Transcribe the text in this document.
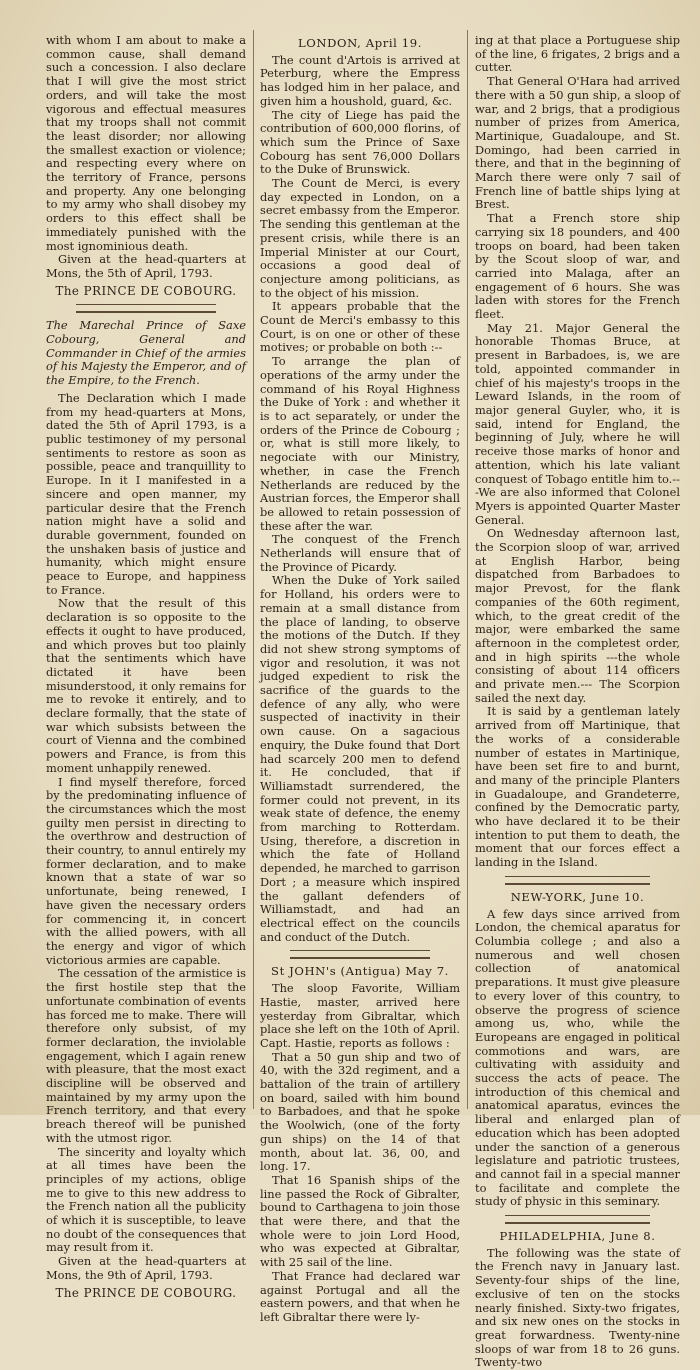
with whom I am about to make a common cause, shall demand such a concession. I also declare that I will give the most strict orders, and will take the most vigorous and effectual measures that my troops shall not commit the least disorder; nor allowing the smallest exaction or violence; and respecting every where on the territory of France, persons and property. Any one belonging to my army who shall disobey my orders to this effect shall be immediately punished with the most ignominious death.

Given at the head-quarters at Mons, the 5th of April, 1793.

The PRINCE DE COBOURG.

The Marechal Prince of Saxe Cobourg, General and Commander in Chief of the armies of his Majesty the Emperor, and of the Empire, to the French.

The Declaration which I made from my head-quarters at Mons, dated the 5th of April 1793, is a public testimoney of my personal sentiments to restore as soon as possible, peace and tranquillity to Europe. In it I manifested in a sincere and open manner, my particular desire that the French nation might have a solid and durable government, founded on the unshaken basis of justice and humanity, which might ensure peace to Europe, and happiness to France.

Now that the result of this declaration is so opposite to the effects it ought to have produced, and which proves but too plainly that the sentiments which have dictated it have been misunderstood, it only remains for me to revoke it entirely, and to declare formally, that the state of war which subsists between the court of Vienna and the combined powers and France, is from this moment unhappily renewed.

I find myself therefore, forced by the predominating influence of the circumstances which the most guilty men persist in directing to the overthrow and destruction of their country, to annul entirely my former declaration, and to make known that a state of war so unfortunate, being renewed, I have given the necessary orders for commencing it, in concert with the allied powers, with all the energy and vigor of which victorious armies are capable.

The cessation of the armistice is the first hostile step that the unfortunate combination of events has forced me to make. There will therefore only subsist, of my former declaration, the inviolable engagement, which I again renew with pleasure, that the most exact discipline will be observed and maintained by my army upon the French territory, and that every breach thereof will be punished with the utmost rigor.

The sincerity and loyalty which at all times have been the principles of my actions, oblige me to give to this new address to the French nation all the publicity of which it is susceptible, to leave no doubt of the consequences that may result from it.

Given at the head-quarters at Mons, the 9th of April, 1793.

The PRINCE DE COBOURG.

LONDON, April 19.

The count d'Artois is arrived at Peterburg, where the Empress has lodged him in her palace, and given him a houshold, guard, &c.

The city of Liege has paid the contribution of 600,000 florins, of which sum the Prince of Saxe Cobourg has sent 76,000 Dollars to the Duke of Brunswick.

The Count de Merci, is every day expected in London, on a secret embassy from the Emperor. The sending this gentleman at the present crisis, while there is an Imperial Minister at our Court, occasions a good deal of conjecture among politicians, as to the object of his mission.

It appears probable that the Count de Merci's embassy to this Court, is on one or other of these motives; or probable on both :--

To arrange the plan of operations of the army under the command of his Royal Highness the Duke of York : and whether it is to act separately, or under the orders of the Prince de Cobourg ; or, what is still more likely, to negociate with our Ministry, whether, in case the French Netherlands are reduced by the Austrian forces, the Emperor shall be allowed to retain possession of these after the war.

The conquest of the French Netherlands will ensure that of the Province of Picardy.

When the Duke of York sailed for Holland, his orders were to remain at a small distance from the place of landing, to observe the motions of the Dutch. If they did not shew strong symptoms of vigor and resolution, it was not judged expedient to risk the sacrifice of the guards to the defence of any ally, who were suspected of inactivity in their own cause. On a sagacious enquiry, the Duke found that Dort had scarcely 200 men to defend it. He concluded, that if Williamstadt surrendered, the former could not prevent, in its weak state of defence, the enemy from marching to Rotterdam. Using, therefore, a discretion in which the fate of Holland depended, he marched to garrison Dort ; a measure which inspired the gallant defenders of Williamstadt, and had an electrical effect on the councils and conduct of the Dutch.

St JOHN's (Antigua) May 7.

The sloop Favorite, William Hastie, master, arrived here yesterday from Gibraltar, which place she left on the 10th of April. Capt. Hastie, reports as follows :

That a 50 gun ship and two of 40, with the 32d regiment, and a battalion of the train of artillery on board, sailed with him bound to Barbadoes, and that he spoke the Woolwich, (one of the forty gun ships) on the 14 of that month, about lat. 36, 00, and long. 17.

That 16 Spanish ships of the line passed the Rock of Gibralter, bound to Carthagena to join those that were there, and that the whole were to join Lord Hood, who was expected at Gibraltar, with 25 sail of the line.

That France had declared war against Portugal and all the eastern powers, and that when he left Gibraltar there were ly-

ing at that place a Portuguese ship of the line, 6 frigates, 2 brigs and a cutter.

That General O'Hara had arrived there with a 50 gun ship, a sloop of war, and 2 brigs, that a prodigious number of prizes from America, Martinique, Guadaloupe, and St. Domingo, had been carried in there, and that in the beginning of March there were only 7 sail of French line of battle ships lying at Brest.

That a French store ship carrying six 18 pounders, and 400 troops on board, had been taken by the Scout sloop of war, and carried into Malaga, after an engagement of 6 hours. She was laden with stores for the French fleet.

May 21. Major General the honorable Thomas Bruce, at present in Barbadoes, is, we are told, appointed commander in chief of his majesty's troops in the Leward Islands, in the room of major general Guyler, who, it is said, intend for England, the beginning of July, where he will receive those marks of honor and attention, which his late valiant conquest of Tobago entitle him to.---We are also informed that Colonel Myers is appointed Quarter Master General.

On Wednesday afternoon last, the Scorpion sloop of war, arrived at English Harbor, being dispatched from Barbadoes to major Prevost, for the flank companies of the 60th regiment, which, to the great credit of the major, were embarked the same afternoon in the completest order, and in high spirits ---the whole consisting of about 114 officers and private men.--- The Scorpion sailed the next day.

It is said by a gentleman lately arrived from off Martinique, that the works of a considerable number of estates in Martinique, have been set fire to and burnt, and many of the principle Planters in Guadaloupe, and Grandeterre, confined by the Democratic party, who have declared it to be their intention to put them to death, the moment that our forces effect a landing in the Island.

NEW-YORK, June 10.

A few days since arrived from London, the chemical aparatus for Columbia college ; and also a numerous and well chosen collection of anatomical preparations. It must give pleasure to every lover of this country, to observe the progress of science among us, who, while the Europeans are engaged in political commotions and wars, are cultivating with assiduity and success the acts of peace. The introduction of this chemical and anatomical aparatus, evinces the liberal and enlarged plan of education which has been adopted under the sanction of a generous legislature and patriotic trustees, and cannot fail in a special manner to facilitate and complete the study of physic in this seminary.

PHILADELPHIA, June 8.

The following was the state of the French navy in January last. Seventy-four ships of the line, exclusive of ten on the stocks nearly finished. Sixty-two frigates, and six new ones on the stocks in great forwardness. Twenty-nine sloops of war from 18 to 26 guns. Twenty-two
